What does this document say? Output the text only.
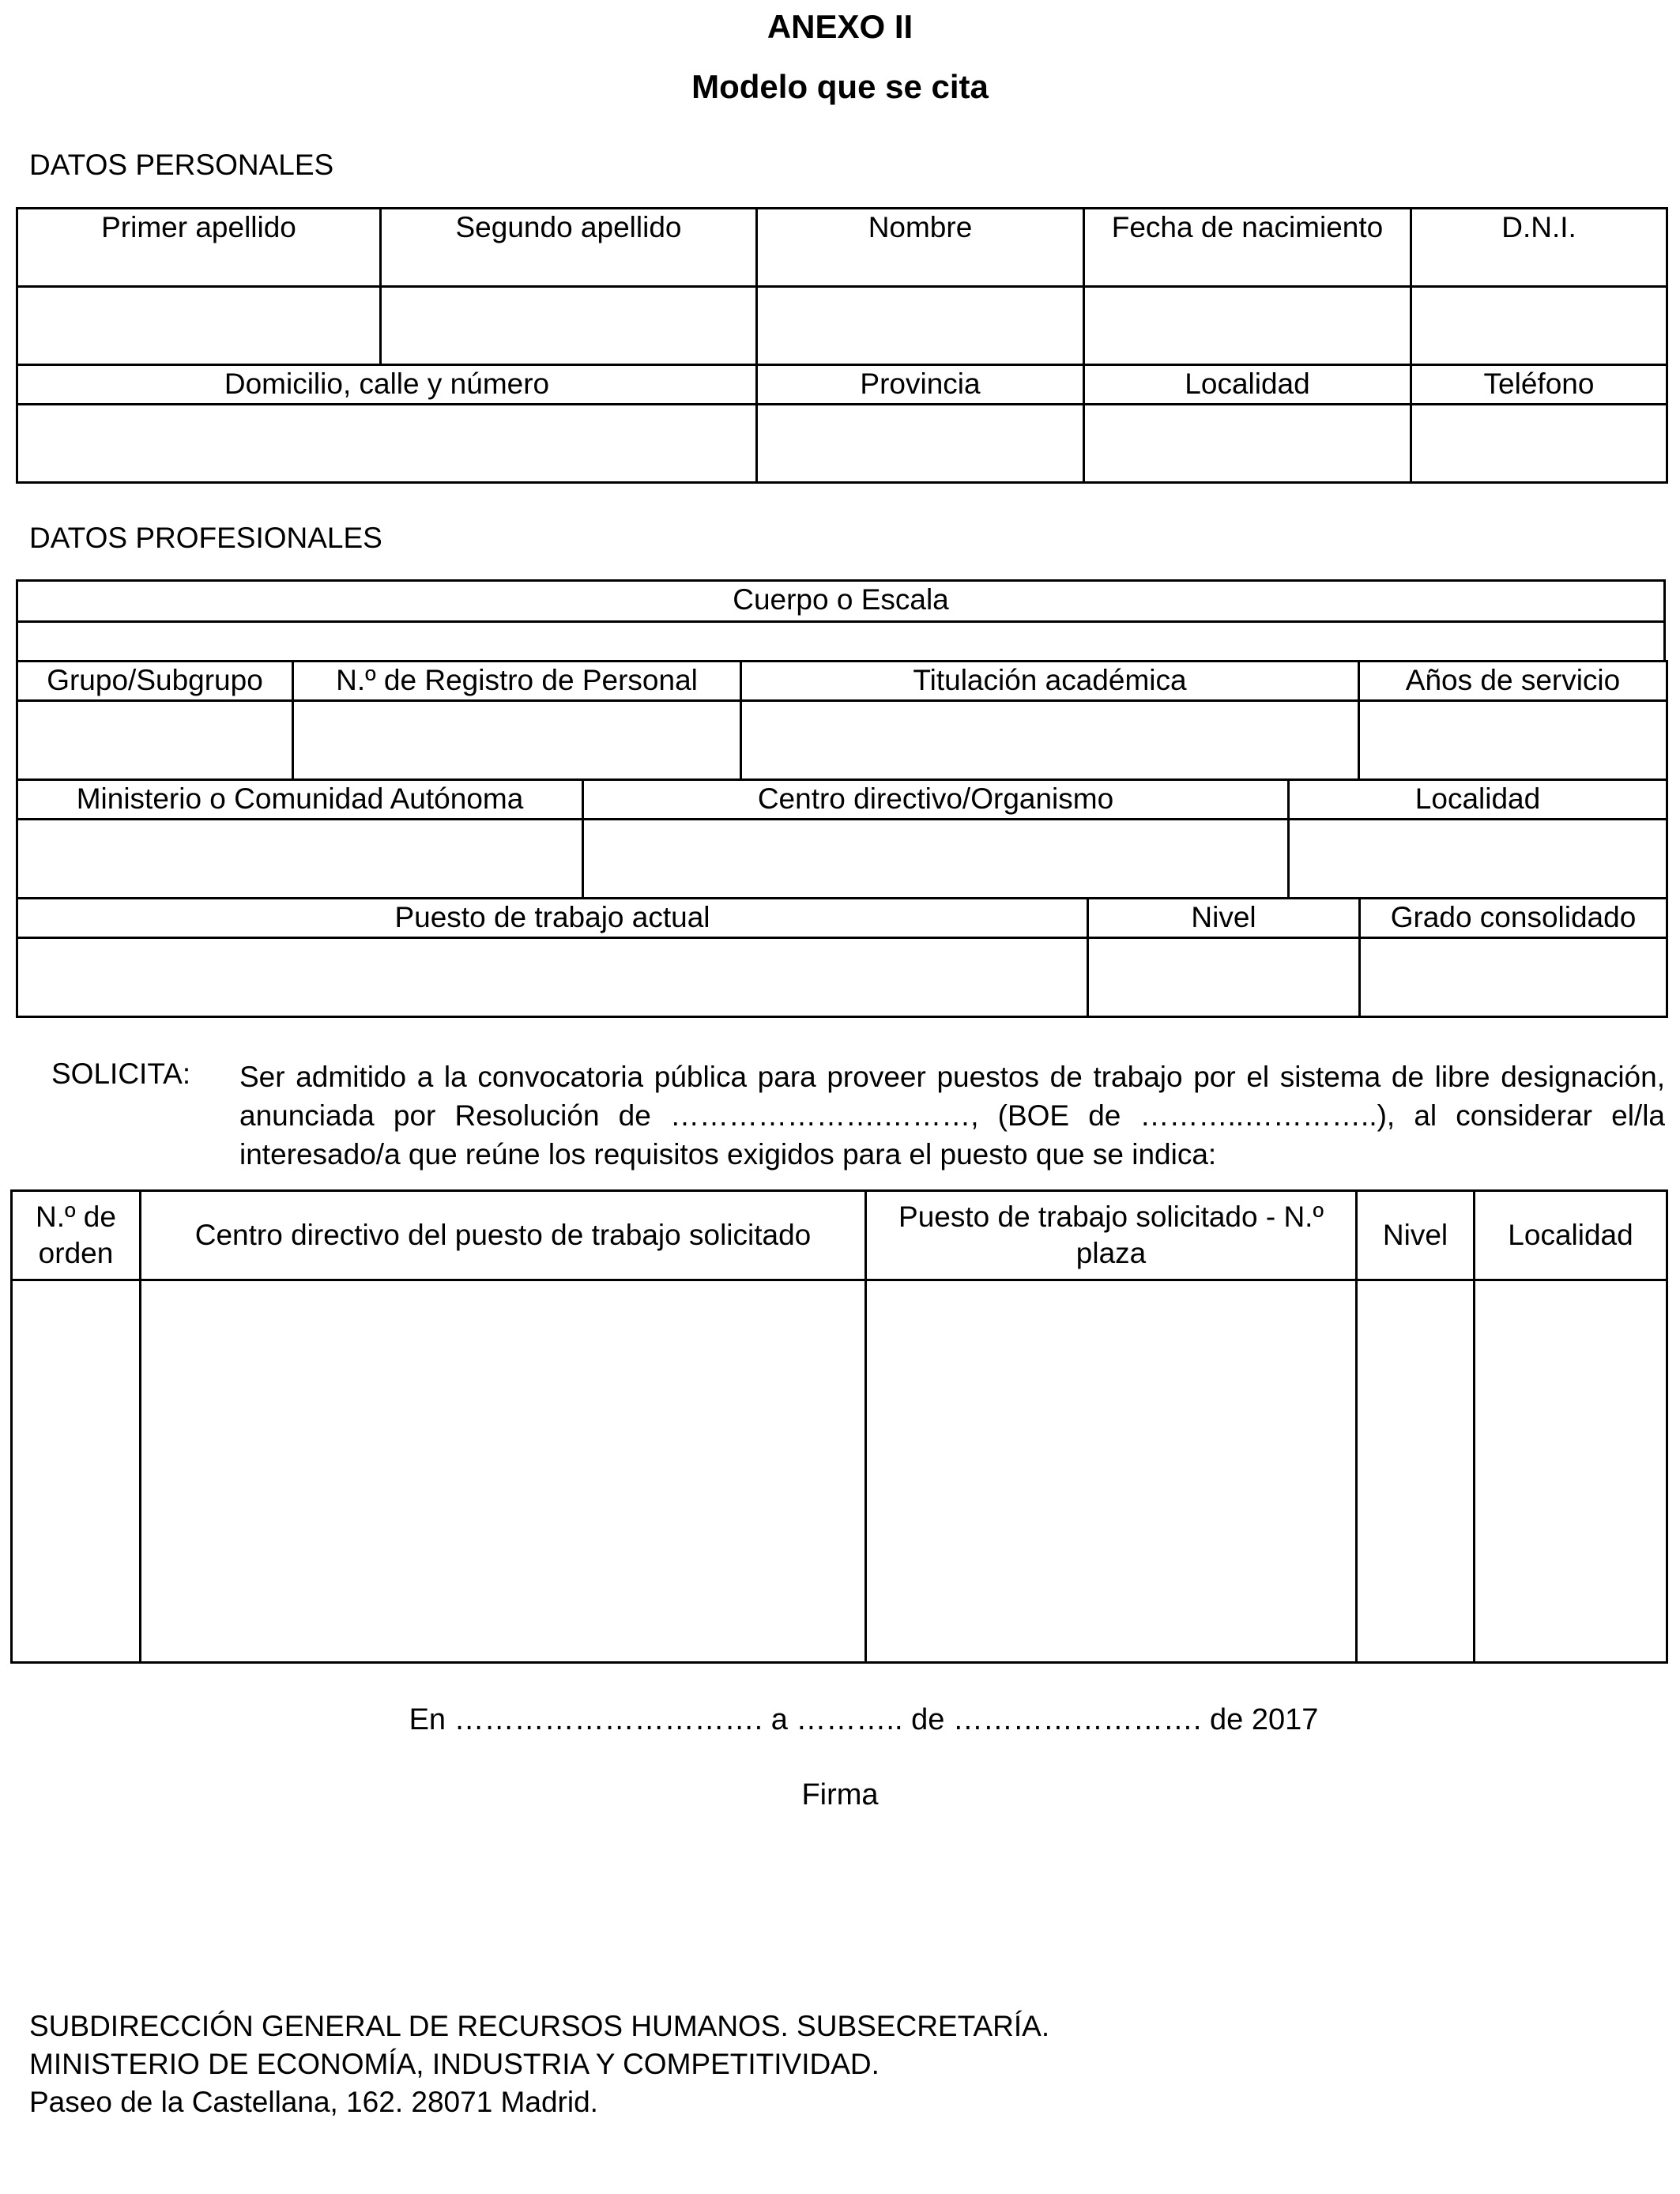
ANEXO II
Modelo que se cita
DATOS PERSONALES
Primer apellido	Segundo apellido	Nombre	Fecha de nacimiento	D.N.I.

Domicilio, calle y número		Provincia	Localidad	Teléfono

DATOS PROFESIONALES
Cuerpo o Escala

Grupo/Subgrupo	N.º de Registro de Personal	Titulación académica	Años de servicio

Ministerio o Comunidad Autónoma	Centro directivo/Organismo	Localidad

Puesto de trabajo actual	Nivel	Grado consolidado

SOLICITA: Ser admitido a la convocatoria pública para proveer puestos de trabajo por el sistema de libre designación, anunciada por Resolución de ………………….………, (BOE de ………..…………..), al considerar el/la interesado/a que reúne los requisitos exigidos para el puesto que se indica:
N.º de orden	Centro directivo del puesto de trabajo solicitado	Puesto de trabajo solicitado - N.º plaza	Nivel	Localidad

En …………………………. a ……….. de ……………………. de 2017
Firma
SUBDIRECCIÓN GENERAL DE RECURSOS HUMANOS. SUBSECRETARÍA.
MINISTERIO DE ECONOMÍA, INDUSTRIA Y COMPETITIVIDAD.
Paseo de la Castellana, 162. 28071 Madrid.
